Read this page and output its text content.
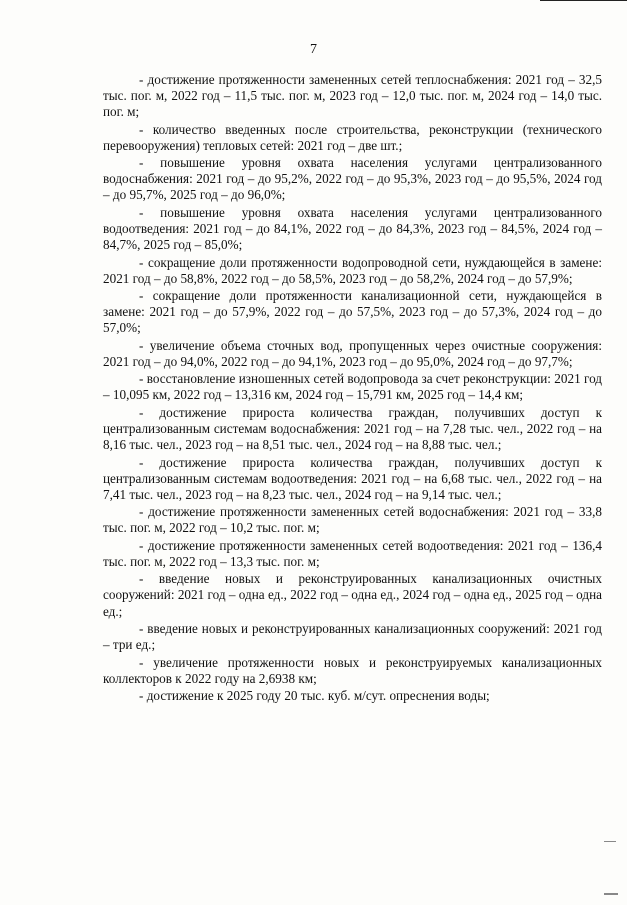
7

- достижение протяженности замененных сетей теплоснабжения: 2021 год – 32,5 тыс. пог. м, 2022 год – 11,5 тыс. пог. м, 2023 год – 12,0 тыс. пог. м, 2024 год – 14,0 тыс. пог. м;

- количество введенных после строительства, реконструкции (технического перевооружения) тепловых сетей: 2021 год – две шт.;

- повышение уровня охвата населения услугами централизованного водоснабжения: 2021 год – до 95,2%, 2022 год – до 95,3%, 2023 год – до 95,5%, 2024 год – до 95,7%, 2025 год – до 96,0%;

- повышение уровня охвата населения услугами централизованного водоотведения: 2021 год – до 84,1%, 2022 год – до 84,3%, 2023 год – 84,5%, 2024 год – 84,7%, 2025 год – 85,0%;

- сокращение доли протяженности водопроводной сети, нуждающейся в замене: 2021 год – до 58,8%, 2022 год – до 58,5%, 2023 год – до 58,2%, 2024 год – до 57,9%;

- сокращение доли протяженности канализационной сети, нуждающейся в замене: 2021 год – до 57,9%, 2022 год – до 57,5%, 2023 год – до 57,3%, 2024 год – до 57,0%;

- увеличение объема сточных вод, пропущенных через очистные сооружения: 2021 год – до 94,0%, 2022 год – до 94,1%, 2023 год – до 95,0%, 2024 год – до 97,7%;

- восстановление изношенных сетей водопровода за счет реконструкции: 2021 год – 10,095 км, 2022 год – 13,316 км, 2024 год – 15,791 км, 2025 год – 14,4 км;

- достижение прироста количества граждан, получивших доступ к централизованным системам водоснабжения: 2021 год – на 7,28 тыс. чел., 2022 год – на 8,16 тыс. чел., 2023 год – на 8,51 тыс. чел., 2024 год – на 8,88 тыс. чел.;

- достижение прироста количества граждан, получивших доступ к централизованным системам водоотведения: 2021 год – на 6,68 тыс. чел., 2022 год – на 7,41 тыс. чел., 2023 год – на 8,23 тыс. чел., 2024 год – на 9,14 тыс. чел.;

- достижение протяженности замененных сетей водоснабжения: 2021 год – 33,8 тыс. пог. м, 2022 год – 10,2 тыс. пог. м;

- достижение протяженности замененных сетей водоотведения: 2021 год – 136,4 тыс. пог. м, 2022 год – 13,3 тыс. пог. м;

- введение новых и реконструированных канализационных очистных сооружений: 2021 год – одна ед., 2022 год – одна ед., 2024 год – одна ед., 2025 год – одна ед.;

- введение новых и реконструированных канализационных сооружений: 2021 год – три ед.;

- увеличение протяженности новых и реконструируемых канализационных коллекторов к 2022 году на 2,6938 км;

- достижение к 2025 году 20 тыс. куб. м/сут. опреснения воды;
